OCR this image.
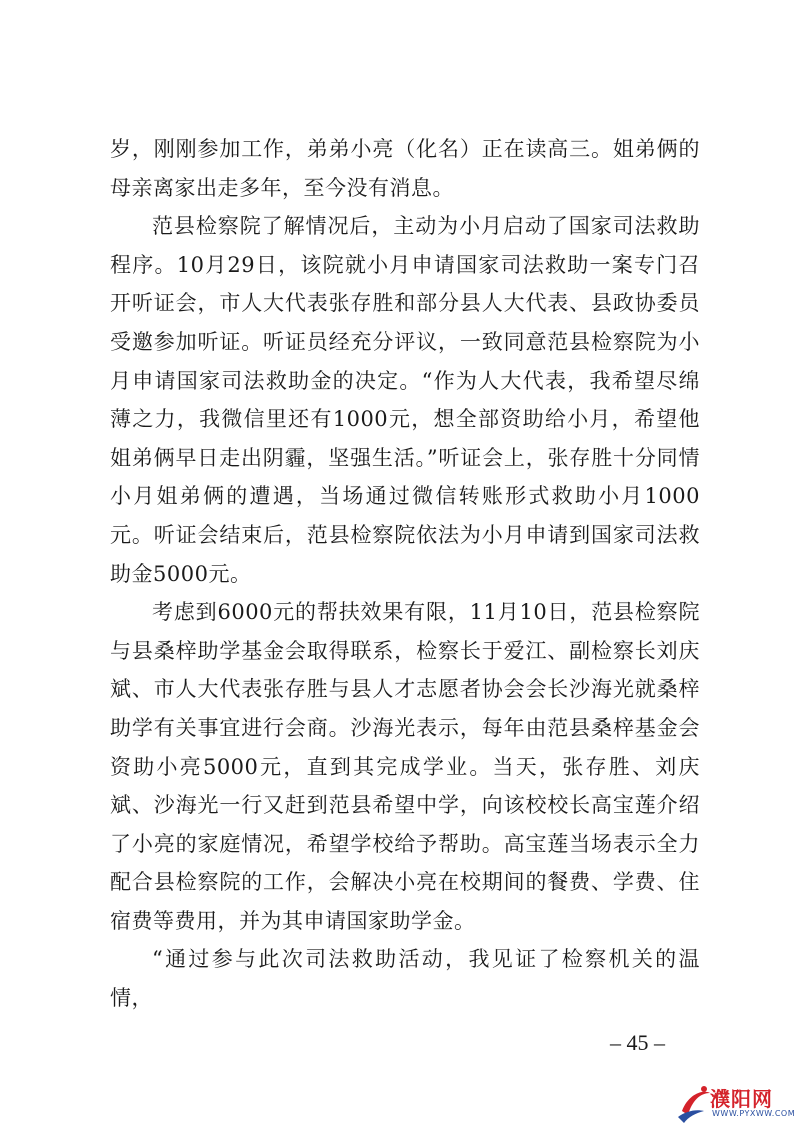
岁，刚刚参加工作，弟弟小亮（化名）正在读高三。姐弟俩的母亲离家出走多年，至今没有消息。

范县检察院了解情况后，主动为小月启动了国家司法救助程序。10月29日，该院就小月申请国家司法救助一案专门召开听证会，市人大代表张存胜和部分县人大代表、县政协委员受邀参加听证。听证员经充分评议，一致同意范县检察院为小月申请国家司法救助金的决定。“作为人大代表，我希望尽绵薄之力，我微信里还有1000元，想全部资助给小月，希望他姐弟俩早日走出阴霾，坚强生活。”听证会上，张存胜十分同情小月姐弟俩的遭遇，当场通过微信转账形式救助小月1000元。听证会结束后，范县检察院依法为小月申请到国家司法救助金5000元。

考虑到6000元的帮扶效果有限，11月10日，范县检察院与县桑梓助学基金会取得联系，检察长于爱江、副检察长刘庆斌、市人大代表张存胜与县人才志愿者协会会长沙海光就桑梓助学有关事宜进行会商。沙海光表示，每年由范县桑梓基金会资助小亮5000元，直到其完成学业。当天，张存胜、刘庆斌、沙海光一行又赶到范县希望中学，向该校校长高宝莲介绍了小亮的家庭情况，希望学校给予帮助。高宝莲当场表示全力配合县检察院的工作，会解决小亮在校期间的餐费、学费、住宿费等费用，并为其申请国家助学金。

“通过参与此次司法救助活动，我见证了检察机关的温情，

– 45 –
濮阳网
WWW.PYXWW.COM
